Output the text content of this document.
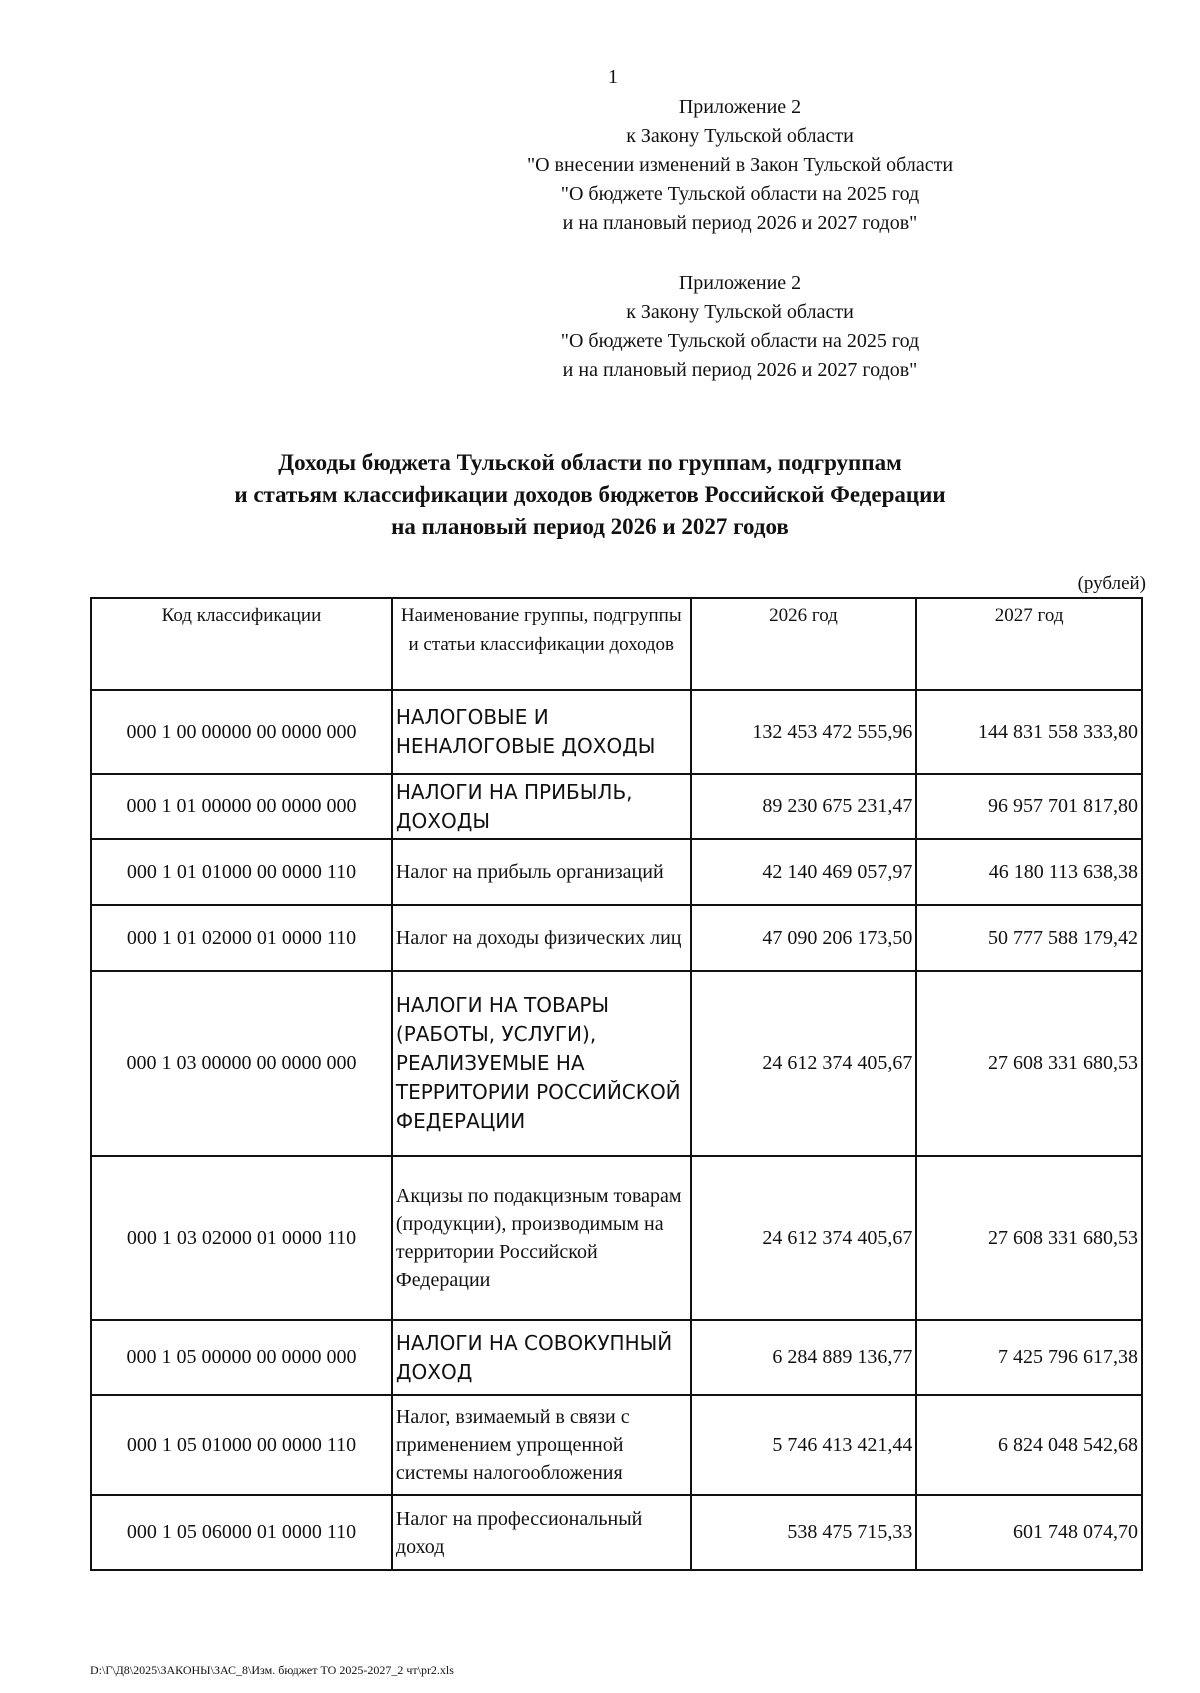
1
Приложение 2
к Закону Тульской области
"О внесении изменений в Закон Тульской области
"О бюджете Тульской области на 2025 год
и на плановый период 2026 и 2027 годов"
Приложение 2
к Закону Тульской области
"О бюджете Тульской области на 2025 год
и на плановый период 2026 и 2027 годов"
Доходы бюджета Тульской области по группам, подгруппам
и статьям классификации доходов бюджетов Российской Федерации
на плановый период 2026 и 2027 годов
(рублей)
Код классификации	Наименование группы, подгруппы и статьи классификации доходов	2026 год	2027 год
000 1 00 00000 00 0000 000	НАЛОГОВЫЕ И НЕНАЛОГОВЫЕ ДОХОДЫ	132 453 472 555,96	144 831 558 333,80
000 1 01 00000 00 0000 000	НАЛОГИ НА ПРИБЫЛЬ, ДОХОДЫ	89 230 675 231,47	96 957 701 817,80
000 1 01 01000 00 0000 110	Налог на прибыль организаций	42 140 469 057,97	46 180 113 638,38
000 1 01 02000 01 0000 110	Налог на доходы физических лиц	47 090 206 173,50	50 777 588 179,42
000 1 03 00000 00 0000 000	НАЛОГИ НА ТОВАРЫ (РАБОТЫ, УСЛУГИ), РЕАЛИЗУЕМЫЕ НА ТЕРРИТОРИИ РОССИЙСКОЙ ФЕДЕРАЦИИ	24 612 374 405,67	27 608 331 680,53
000 1 03 02000 01 0000 110	Акцизы по подакцизным товарам (продукции), производимым на территории Российской Федерации	24 612 374 405,67	27 608 331 680,53
000 1 05 00000 00 0000 000	НАЛОГИ НА СОВОКУПНЫЙ ДОХОД	6 284 889 136,77	7 425 796 617,38
000 1 05 01000 00 0000 110	Налог, взимаемый в связи с применением упрощенной системы налогообложения	5 746 413 421,44	6 824 048 542,68
000 1 05 06000 01 0000 110	Налог на профессиональный доход	538 475 715,33	601 748 074,70
D:\Г\Д8\2025\ЗАКОНЫ\ЗАС_8\Изм. бюджет ТО 2025-2027_2 чт\pr2.xls
